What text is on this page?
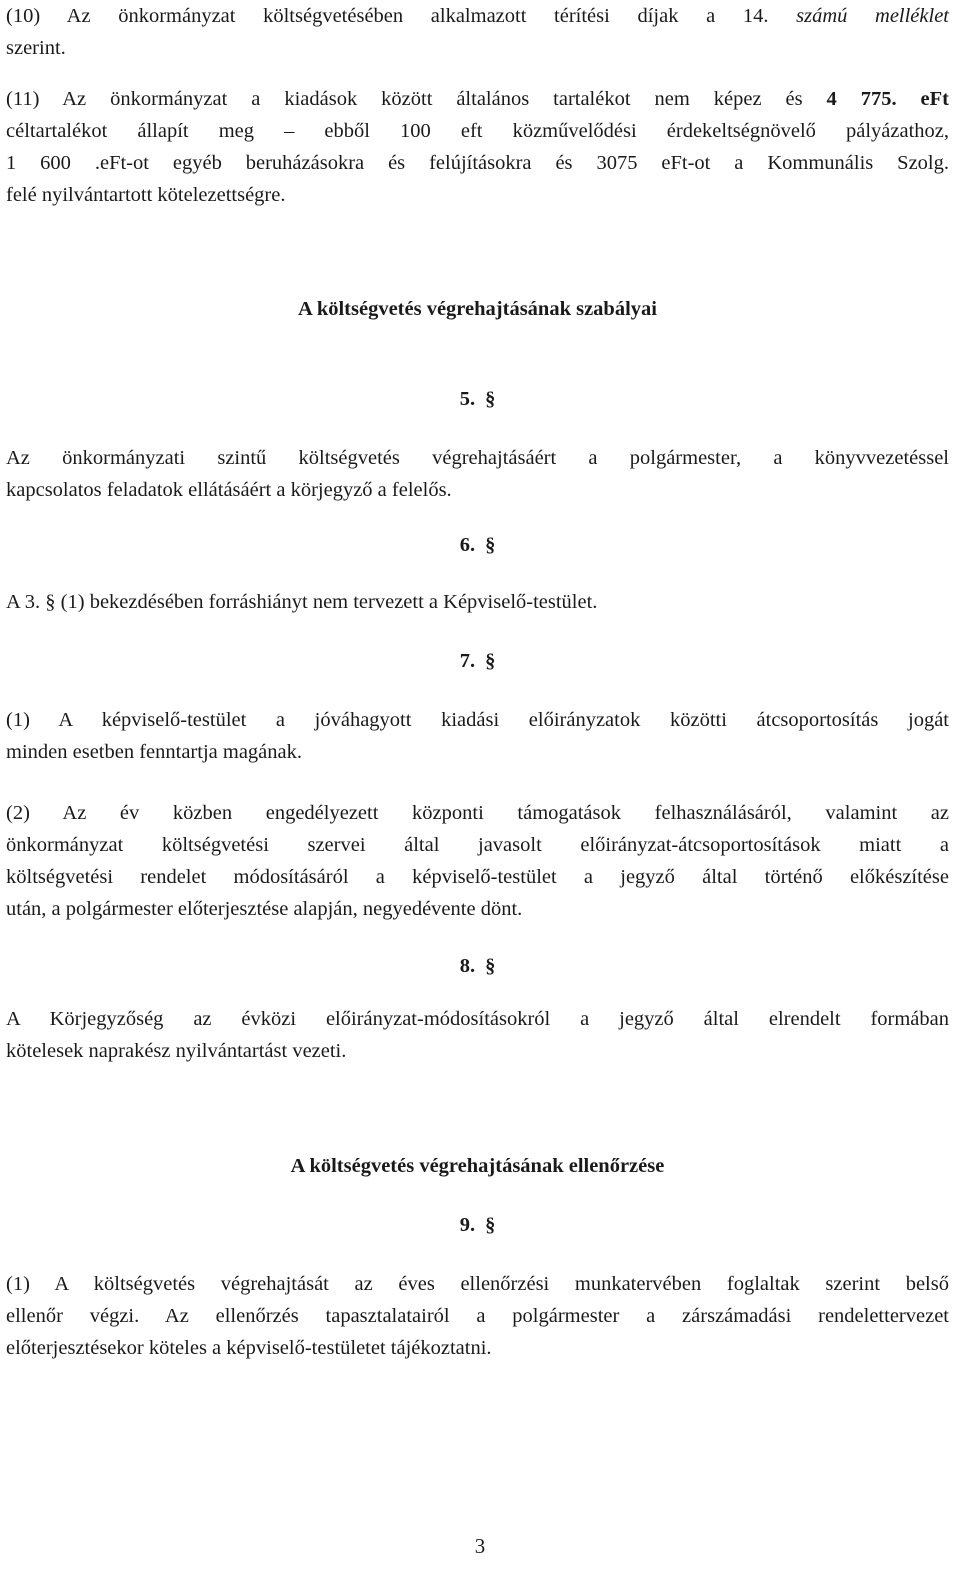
(10) Az önkormányzat költségvetésében alkalmazott térítési díjak a 14. számú melléklet
szerint.
(11) Az önkormányzat a kiadások között általános tartalékot nem képez és 4 775. eFt
céltartalékot állapít meg – ebből 100 eft közművelődési érdekeltségnövelő pályázathoz,
1 600 .eFt-ot egyéb beruházásokra és felújításokra és 3075 eFt-ot a Kommunális Szolg.
felé nyilvántartott kötelezettségre.
A költségvetés végrehajtásának szabályai
5. §
Az önkormányzati szintű költségvetés végrehajtásáért a polgármester, a könyvvezetéssel
kapcsolatos feladatok ellátásáért a körjegyző a felelős.
6. §
A 3. § (1) bekezdésében forráshiányt nem tervezett a Képviselő-testület.
7. §
(1) A képviselő-testület a jóváhagyott kiadási előirányzatok közötti átcsoportosítás jogát
minden esetben fenntartja magának.
(2) Az év közben engedélyezett központi támogatások felhasználásáról, valamint az
önkormányzat költségvetési szervei által javasolt előirányzat-átcsoportosítások miatt a
költségvetési rendelet módosításáról a képviselő-testület a jegyző által történő előkészítése
után, a polgármester előterjesztése alapján, negyedévente dönt.
8. §
A Körjegyzőség az évközi előirányzat-módosításokról a jegyző által elrendelt formában
kötelesek naprakész nyilvántartást vezeti.
A költségvetés végrehajtásának ellenőrzése
9. §
(1) A költségvetés végrehajtását az éves ellenőrzési munkatervében foglaltak szerint belső
ellenőr végzi. Az ellenőrzés tapasztalatairól a polgármester a zárszámadási rendelettervezet
előterjesztésekor köteles a képviselő-testületet tájékoztatni.
3
